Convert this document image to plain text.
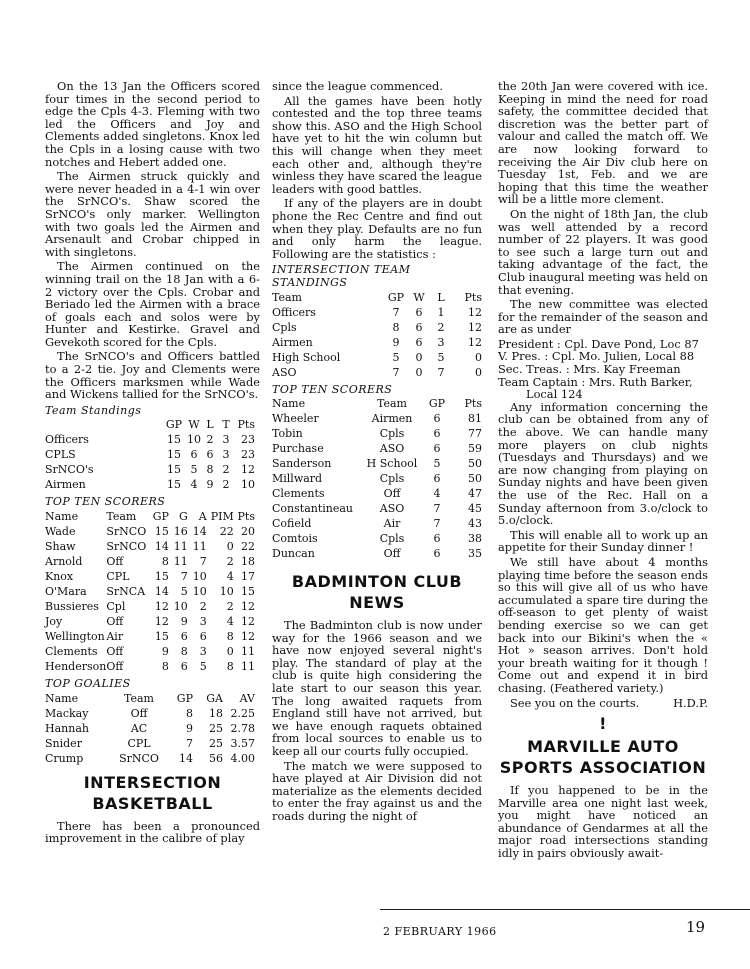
On the 13 Jan the Officers scored four times in the second period to edge the Cpls 4-3. Fleming with two led the Officers and Joy and Clements added singletons. Knox led the Cpls in a losing cause with two notches and Hebert added one.

The Airmen struck quickly and were never headed in a 4-1 win over the SrNCO's. Shaw scored the SrNCO's only marker. Wellington with two goals led the Airmen and Arsenault and Crobar chipped in with singletons.

The Airmen continued on the winning trail on the 18 Jan with a 6-2 victory over the Cpls. Crobar and Beriado led the Airmen with a brace of goals each and solos were by Hunter and Kestirke. Gravel and Gevekoth scored for the Cpls.

The SrNCO's and Officers battled to a 2-2 tie. Joy and Clements were the Officers marksmen while Wade and Wickens tallied for the SrNCO's.

Team Standings
	GP	W	L	T	Pts
Officers	15	10	2	3	23
CPLS	15	6	6	3	23
SrNCO's	15	5	8	2	12
Airmen	15	4	9	2	10
TOP TEN SCORERS
Name	Team	GP	G	A	PIM	Pts
Wade	SrNCO	15	16	14	22	20
Shaw	SrNCO	14	11	11	0	22
Arnold	Off	8	11	7	2	18
Knox	CPL	15	7	10	4	17
O'Mara	SrNCA	14	5	10	10	15
Bussieres	Cpl	12	10	2	2	12
Joy	Off	12	9	3	4	12
Wellington	Air	15	6	6	8	12
Clements	Off	9	8	3	0	11
Henderson	Off	8	6	5	8	11
TOP GOALIES
Name	Team	GP	GA	AV
Mackay	Off	8	18	2.25
Hannah	AC	9	25	2.78
Snider	CPL	7	25	3.57
Crump	SrNCO	14	56	4.00
INTERSECTION
BASKETBALL

There has been a pronounced improvement in the calibre of play

since the league commenced.

All the games have been hotly contested and the top three teams show this. ASO and the High School have yet to hit the win column but this will change when they meet each other and, although they're winless they have scared the league leaders with good battles.

If any of the players are in doubt phone the Rec Centre and find out when they play. Defaults are no fun and only harm the league. Following are the statistics :

INTERSECTION TEAM STANDINGS
Team	GP	W	L	Pts
Officers	7	6	1	12
Cpls	8	6	2	12
Airmen	9	6	3	12
High School	5	0	5	0
ASO	7	0	7	0
TOP TEN SCORERS
Name	Team	GP	Pts
Wheeler	Airmen	6	81
Tobin	Cpls	6	77
Purchase	ASO	6	59
Sanderson	H School	5	50
Millward	Cpls	6	50
Clements	Off	4	47
Constantineau	ASO	7	45
Cofield	Air	7	43
Comtois	Cpls	6	38
Duncan	Off	6	35
BADMINTON CLUB
NEWS

The Badminton club is now under way for the 1966 season and we have now enjoyed several night's play. The standard of play at the club is quite high considering the late start to our season this year. The long awaited raquets from England still have not arrived, but we have enough raquets obtained from local sources to enable us to keep all our courts fully occupied.

The match we were supposed to have played at Air Division did not materialize as the elements decided to enter the fray against us and the roads during the night of

the 20th Jan were covered with ice. Keeping in mind the need for road safety, the committee decided that discretion was the better part of valour and called the match off. We are now looking forward to receiving the Air Div club here on Tuesday 1st, Feb. and we are hoping that this time the weather will be a little more clement.

On the night of 18th Jan, the club was well attended by a record number of 22 players. It was good to see such a large turn out and taking advantage of the fact, the Club inaugural meeting was held on that evening.

The new committee was elected for the remainder of the season and are as under

President : Cpl. Dave Pond, Loc 87
V. Pres. : Cpl. Mo. Julien, Local 88
Sec. Treas. : Mrs. Kay Freeman
Team Captain : Mrs. Ruth Barker,
Local 124

Any information concerning the club can be obtained from any of the above. We can handle many more players on club nights (Tuesdays and Thursdays) and we are now changing from playing on Sunday nights and have been given the use of the Rec. Hall on a Sunday afternoon from 3.o/clock to 5.o/clock.

This will enable all to work up an appetite for their Sunday dinner !

We still have about 4 months playing time before the season ends so this will give all of us who have accumulated a spare tire during the off-season to get plenty of waist bending exercise so we can get back into our Bikini's when the « Hot » season arrives. Don't hold your breath waiting for it though ! Come out and expend it in bird chasing. (Feathered variety.)

See you on the courts.	H.D.P.
!
MARVILLE AUTO
SPORTS ASSOCIATION

If you happened to be in the Marville area one night last week, you might have noticed an abundance of Gendarmes at all the major road intersections standing idly in pairs obviously await-

2 FEBRUARY 1966	19
